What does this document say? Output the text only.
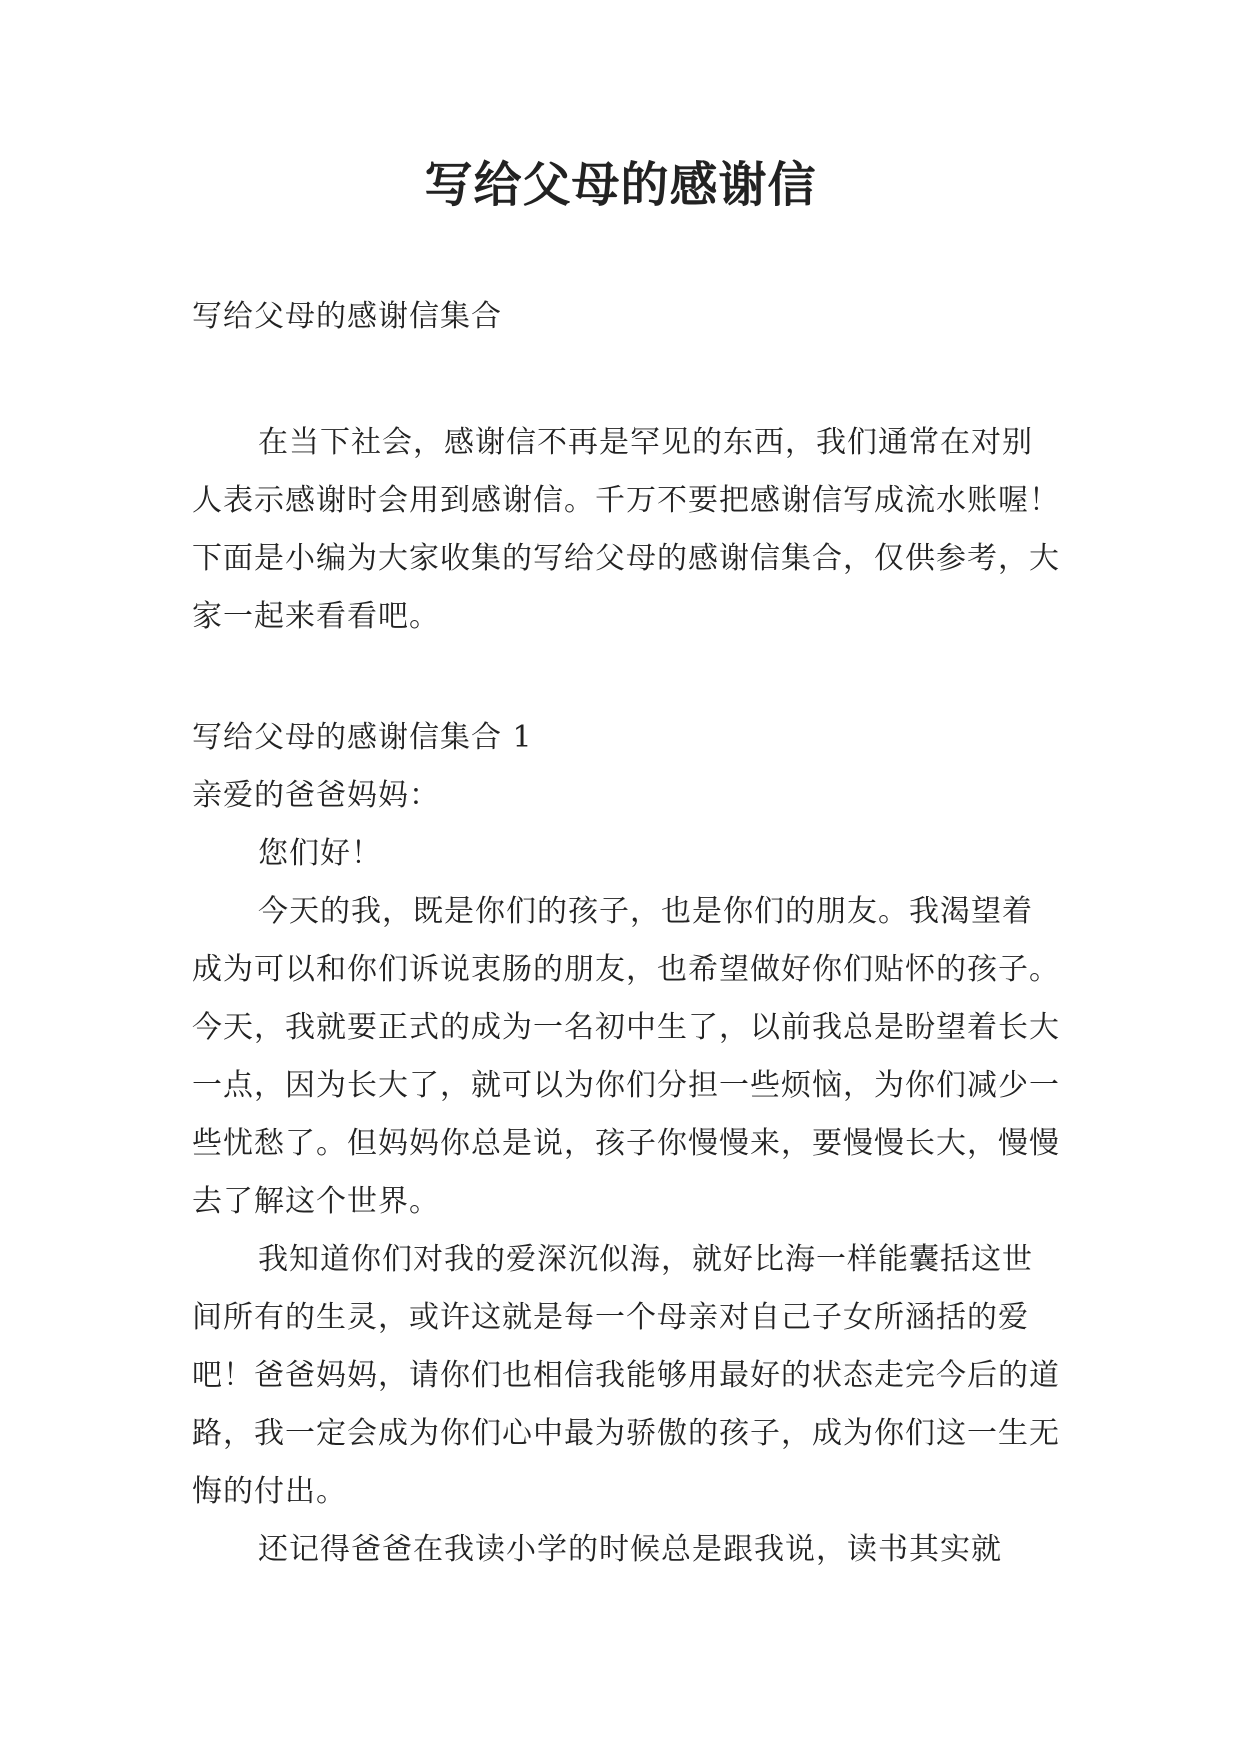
写给父母的感谢信

写给父母的感谢信集合

在当下社会，感谢信不再是罕见的东西，我们通常在对别人表示感谢时会用到感谢信。千万不要把感谢信写成流水账喔！下面是小编为大家收集的写给父母的感谢信集合，仅供参考，大家一起来看看吧。

写给父母的感谢信集合 1

亲爱的爸爸妈妈：

您们好！

今天的我，既是你们的孩子，也是你们的朋友。我渴望着成为可以和你们诉说衷肠的朋友，也希望做好你们贴怀的孩子。今天，我就要正式的成为一名初中生了，以前我总是盼望着长大一点，因为长大了，就可以为你们分担一些烦恼，为你们减少一些忧愁了。但妈妈你总是说，孩子你慢慢来，要慢慢长大，慢慢去了解这个世界。

我知道你们对我的爱深沉似海，就好比海一样能囊括这世间所有的生灵，或许这就是每一个母亲对自己子女所涵括的爱吧！爸爸妈妈，请你们也相信我能够用最好的状态走完今后的道路，我一定会成为你们心中最为骄傲的孩子，成为你们这一生无悔的付出。

还记得爸爸在我读小学的时候总是跟我说，读书其实就
